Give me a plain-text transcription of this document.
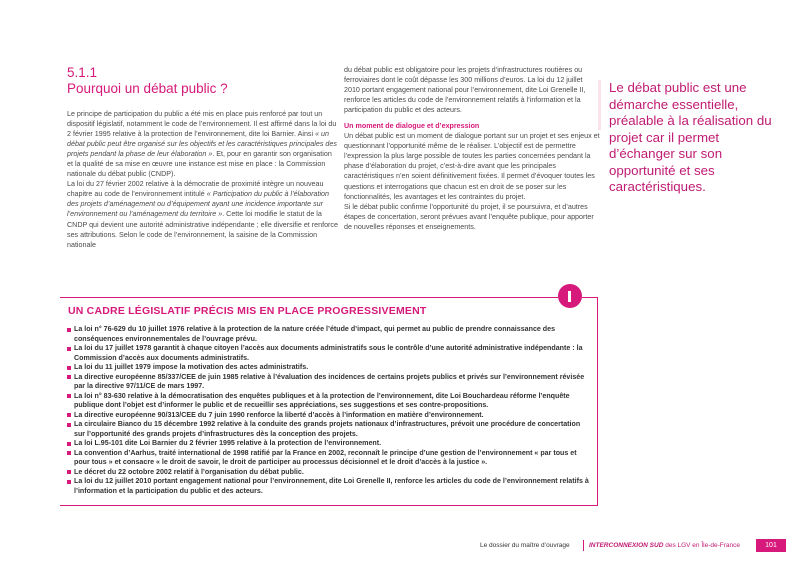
5.1.1
Pourquoi un débat public ?

Le principe de participation du public a été mis en place puis renforcé par tout un dispositif législatif, notamment le code de l’environnement. Il est affirmé dans la loi du 2 février 1995 relative à la protection de l’environnement, dite loi Barnier. Ainsi « un débat public peut être organisé sur les objectifs et les caractéristiques principales des projets pendant la phase de leur élaboration ». Et, pour en garantir son organisation et la qualité de sa mise en œuvre une instance est mise en place : la Commission nationale du débat public (CNDP).

La loi du 27 février 2002 relative à la démocratie de proximité intègre un nouveau chapitre au code de l’environnement intitulé « Participation du public à l’élaboration des projets d’aménagement ou d’équipement ayant une incidence importante sur l’environnement ou l’aménagement du territoire ». Cette loi modifie le statut de la CNDP qui devient une autorité administrative indépendante ; elle diversifie et renforce ses attributions. Selon le code de l’environnement, la saisine de la Commission nationale

du débat public est obligatoire pour les projets d’infrastructures routières ou ferroviaires dont le coût dépasse les 300 millions d’euros. La loi du 12 juillet 2010 portant engagement national pour l’environnement, dite Loi Grenelle II, renforce les articles du code de l’environnement relatifs à l’information et la participation du public et des acteurs.

Un moment de dialogue et d’expression

Un débat public est un moment de dialogue portant sur un projet et ses enjeux et questionnant l’opportunité même de le réaliser. L’objectif est de permettre l’expression la plus large possible de toutes les parties concernées pendant la phase d’élaboration du projet, c’est-à-dire avant que les principales caractéristiques n’en soient définitivement fixées. Il permet d’évoquer toutes les questions et interrogations que chacun est en droit de se poser sur les fonctionnalités, les avantages et les contraintes du projet.

Si le débat public confirme l’opportunité du projet, il se poursuivra, et d’autres étapes de concertation, seront prévues avant l’enquête publique, pour apporter de nouvelles réponses et enseignements.

Le débat public est une démarche essentielle, préalable à la réalisation du projet car il permet d’échanger sur son opportunité et ses caractéristiques.
UN CADRE LÉGISLATIF PRÉCIS MIS EN PLACE PROGRESSIVEMENT
La loi n° 76-629 du 10 juillet 1976 relative à la protection de la nature créée l’étude d’impact, qui permet au public de prendre connaissance des conséquences environnementales de l’ouvrage prévu.
La loi du 17 juillet 1978 garantit à chaque citoyen l’accès aux documents administratifs sous le contrôle d’une autorité administrative indépendante : la Commission d’accès aux documents administratifs.
La loi du 11 juillet 1979 impose la motivation des actes administratifs.
La directive européenne 85/337/CEE de juin 1985 relative à l’évaluation des incidences de certains projets publics et privés sur l’environnement révisée par la directive 97/11/CE de mars 1997.
La loi n° 83-630 relative à la démocratisation des enquêtes publiques et à la protection de l’environnement, dite Loi Bouchardeau réforme l’enquête publique dont l’objet est d’informer le public et de recueillir ses appréciations, ses suggestions et ses contre-propositions.
La directive européenne 90/313/CEE du 7 juin 1990 renforce la liberté d’accès à l’information en matière d’environnement.
La circulaire Bianco du 15 décembre 1992 relative à la conduite des grands projets nationaux d’infrastructures, prévoit une procédure de concertation sur l’opportunité des grands projets d’infrastructures dès la conception des projets.
La loi L.95-101 dite Loi Barnier du 2 février 1995 relative à la protection de l’environnement.
La convention d’Aarhus, traité international de 1998 ratifié par la France en 2002, reconnaît le principe d’une gestion de l’environnement « par tous et pour tous » et consacre « le droit de savoir, le droit de participer au processus décisionnel et le droit d’accès à la justice ».
Le décret du 22 octobre 2002 relatif à l’organisation du débat public.
La loi du 12 juillet 2010 portant engagement national pour l’environnement, dite Loi Grenelle II, renforce les articles du code de l’environnement relatifs à l’information et la participation du public et des acteurs.
Le dossier du maître d’ouvrage	INTERCONNEXION SUD des LGV en Île-de-France	101
